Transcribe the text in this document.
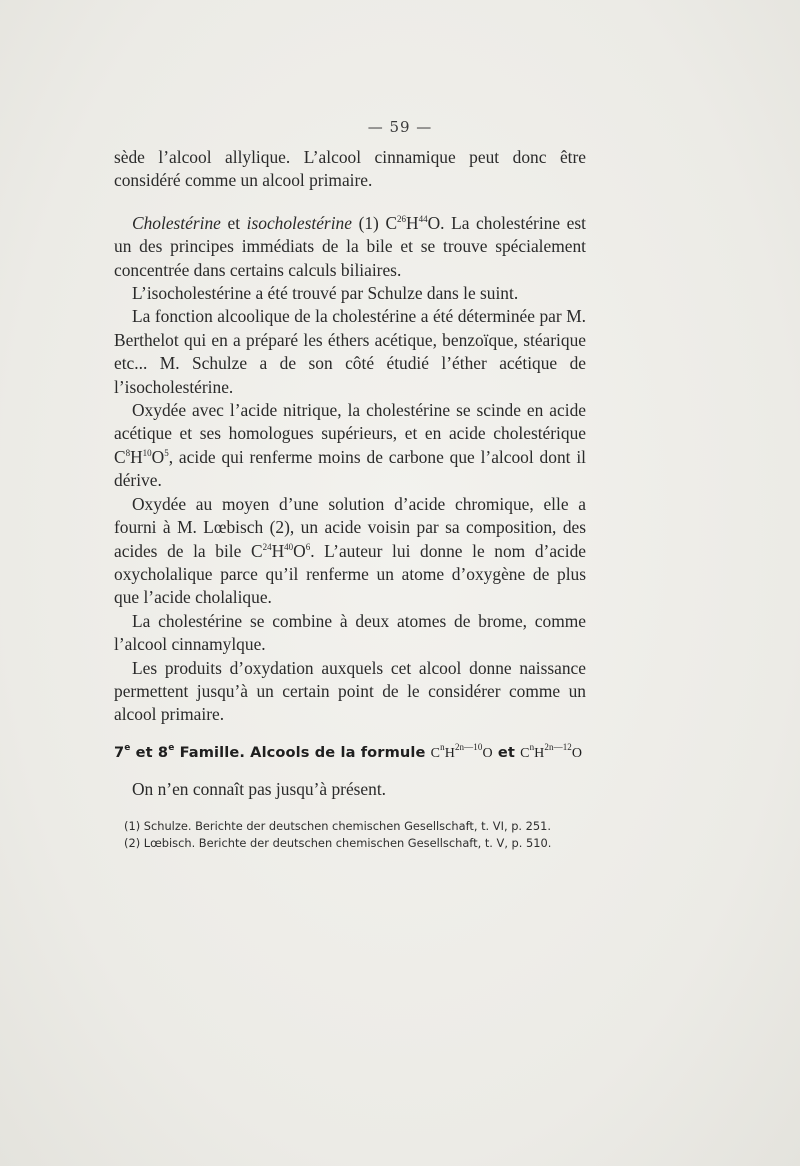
— 59 —

sède l’alcool allylique. L’alcool cinnamique peut donc être considéré comme un alcool primaire.

Cholestérine et isocholestérine (1) $C^{26}H^{44}O$. La cholestérine est un des principes immédiats de la bile et se trouve spécialement concentrée dans certains calculs biliaires.

L’isocholestérine a été trouvé par Schulze dans le suint.

La fonction alcoolique de la cholestérine a été déterminée par M. Berthelot qui en a préparé les éthers acétique, benzoïque, stéarique etc... M. Schulze a de son côté étudié l’éther acétique de l’isocholestérine.

Oxydée avec l’acide nitrique, la cholestérine se scinde en acide acétique et ses homologues supérieurs, et en acide cholestérique $C^8H^{10}O^5$, acide qui renferme moins de carbone que l’alcool dont il dérive.

Oxydée au moyen d’une solution d’acide chromique, elle a fourni à M. Lœbisch (2), un acide voisin par sa composition, des acides de la bile $C^{24}H^{40}O^6$. L’auteur lui donne le nom d’acide oxycholalique parce qu’il renferme un atome d’oxygène de plus que l’acide cholalique.

La cholestérine se combine à deux atomes de brome, comme l’alcool cinnamylque.

Les produits d’oxydation auxquels cet alcool donne naissance permettent jusqu’à un certain point de le considérer comme un alcool primaire.

7e et 8e Famille. Alcools de la formule $C^nH^{2n—10}O$ et $C^nH^{2n—12}O$
On n’en connaît pas jusqu’à présent.

(1) Schulze. Berichte der deutschen chemischen Gesellschaft, t. VI, p. 251.

(2) Lœbisch. Berichte der deutschen chemischen Gesellschaft, t. V, p. 510.
